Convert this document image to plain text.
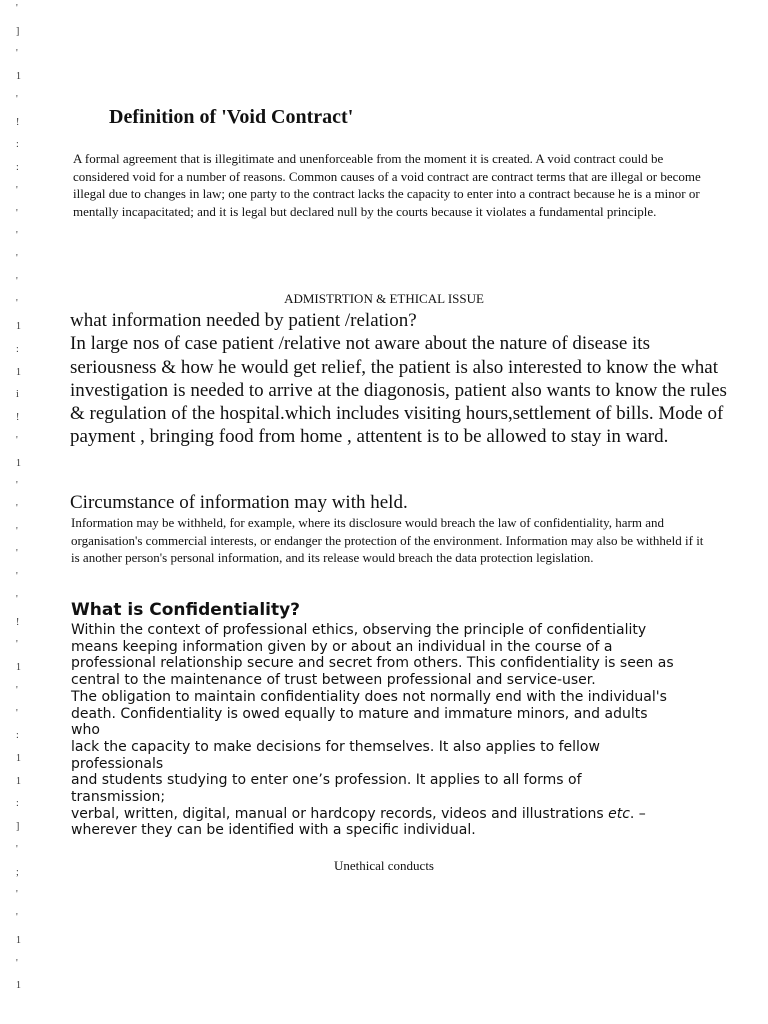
'
]
'
1
'
!
:
:
'
'
'
'
'
'
1
:
1
i
!
'
1
'
'
'
'
'
'
!
'
1
'
'
:
1
1
:
]
'
;
'
'
1
'
1
Definition of 'Void Contract'

A formal agreement that is illegitimate and unenforceable from the moment it is created. A void contract could be considered void for a number of reasons. Common causes of a void contract are contract terms that are illegal or become illegal due to changes in law; one party to the contract lacks the capacity to enter into a contract because he is a minor or mentally incapacitated; and it is legal but declared null by the courts because it violates a fundamental principle.

ADMISTRTION & ETHICAL ISSUE
what information needed by patient /relation?
In large nos of case patient /relative not aware about the nature of disease its seriousness & how he would get relief, the patient is also interested to know the what investigation is needed to arrive at the diagonosis, patient also wants to know the rules & regulation of the hospital.which includes visiting hours,settlement of bills. Mode of payment , bringing food from home , attentent is to be allowed to stay in ward.
Circumstance of information may with held.

Information may be withheld, for example, where its disclosure would breach the law of confidentiality, harm and organisation's commercial interests, or endanger the protection of the environment. Information may also be withheld if it is another person's personal information, and its release would breach the data protection legislation.

What is Confidentiality?
Within the context of professional ethics, observing the principle of confidentiality
means keeping information given by or about an individual in the course of a
professional relationship secure and secret from others. This confidentiality is seen as
central to the maintenance of trust between professional and service-user.
The obligation to maintain confidentiality does not normally end with the individual's
death. Confidentiality is owed equally to mature and immature minors, and adults
who
lack the capacity to make decisions for themselves. It also applies to fellow
professionals
and students studying to enter one’s profession. It applies to all forms of
transmission;
verbal, written, digital, manual or hardcopy records, videos and illustrations etc. –
wherever they can be identified with a specific individual.
Unethical conducts
